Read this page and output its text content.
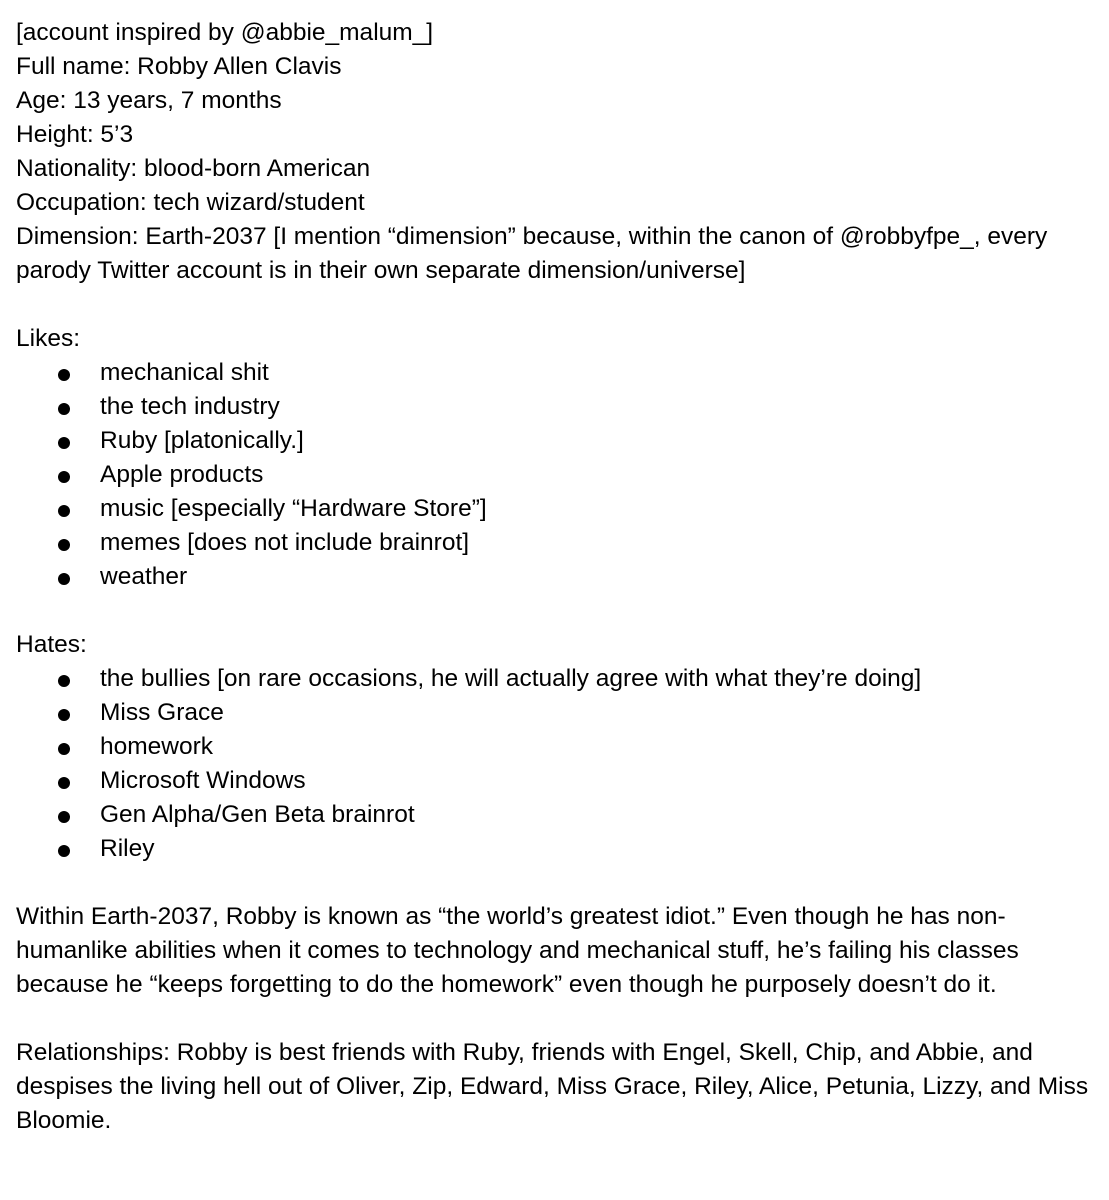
[account inspired by @abbie_malum_]

Full name: Robby Allen Clavis

Age: 13 years, 7 months

Height: 5’3

Nationality: blood-born American

Occupation: tech wizard/student

Dimension: Earth-2037 [I mention “dimension” because, within the canon of @robbyfpe_, every parody Twitter account is in their own separate dimension/universe]

Likes:

mechanical shit
the tech industry
Ruby [platonically.]
Apple products
music [especially “Hardware Store”]
memes [does not include brainrot]
weather

Hates:

the bullies [on rare occasions, he will actually agree with what they’re doing]
Miss Grace
homework
Microsoft Windows
Gen Alpha/Gen Beta brainrot
Riley

Within Earth-2037, Robby is known as “the world’s greatest idiot.” Even though he has non-humanlike abilities when it comes to technology and mechanical stuff, he’s failing his classes because he “keeps forgetting to do the homework” even though he purposely doesn’t do it.

Relationships: Robby is best friends with Ruby, friends with Engel, Skell, Chip, and Abbie, and despises the living hell out of Oliver, Zip, Edward, Miss Grace, Riley, Alice, Petunia, Lizzy, and Miss Bloomie.
